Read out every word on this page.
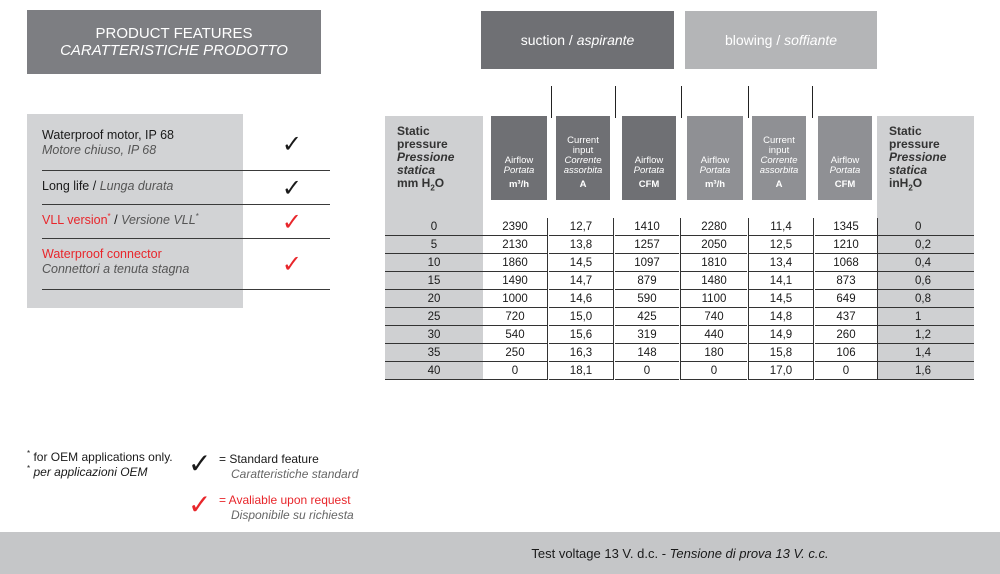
PRODUCT FEATURES
CARATTERISTICHE PRODOTTO
Waterproof motor, IP 68
Motore chiuso, IP 68	✓
Long life / Lunga durata	✓
VLL version* / Versione VLL*	✓
Waterproof connector
Connettori a tenuta stagna	✓
suction /
aspirante	blowing /
soffiante
Static
pressure
Pressione
statica
mm $H_2O$
Static
pressure
Pressione
statica
inH$_2$O
Airflow
Portata
m³/h
Current
input
Corrente
assorbita
A
Airflow
Portata
CFM
Airflow
Portata
m³/h
Current
input
Corrente
assorbita
A
Airflow
Portata
CFM
0	2390	12,7	1410	2280	11,4	1345	0
5	2130	13,8	1257	2050	12,5	1210	0,2
10	1860	14,5	1097	1810	13,4	1068	0,4
15	1490	14,7	879	1480	14,1	873	0,6
20	1000	14,6	590	1100	14,5	649	0,8
25	720	15,0	425	740	14,8	437	1
30	540	15,6	319	440	14,9	260	1,2
35	250	16,3	148	180	15,8	106	1,4
40	0	18,1	0	0	17,0	0	1,6
* for OEM applications only.
* per applicazioni OEM	✓ = Standard feature
Caratteristiche standard
✓ = Avaliable upon request
Disponibile su richiesta
Test voltage 13 V. d.c. - Tensione di prova 13 V. c.c.
